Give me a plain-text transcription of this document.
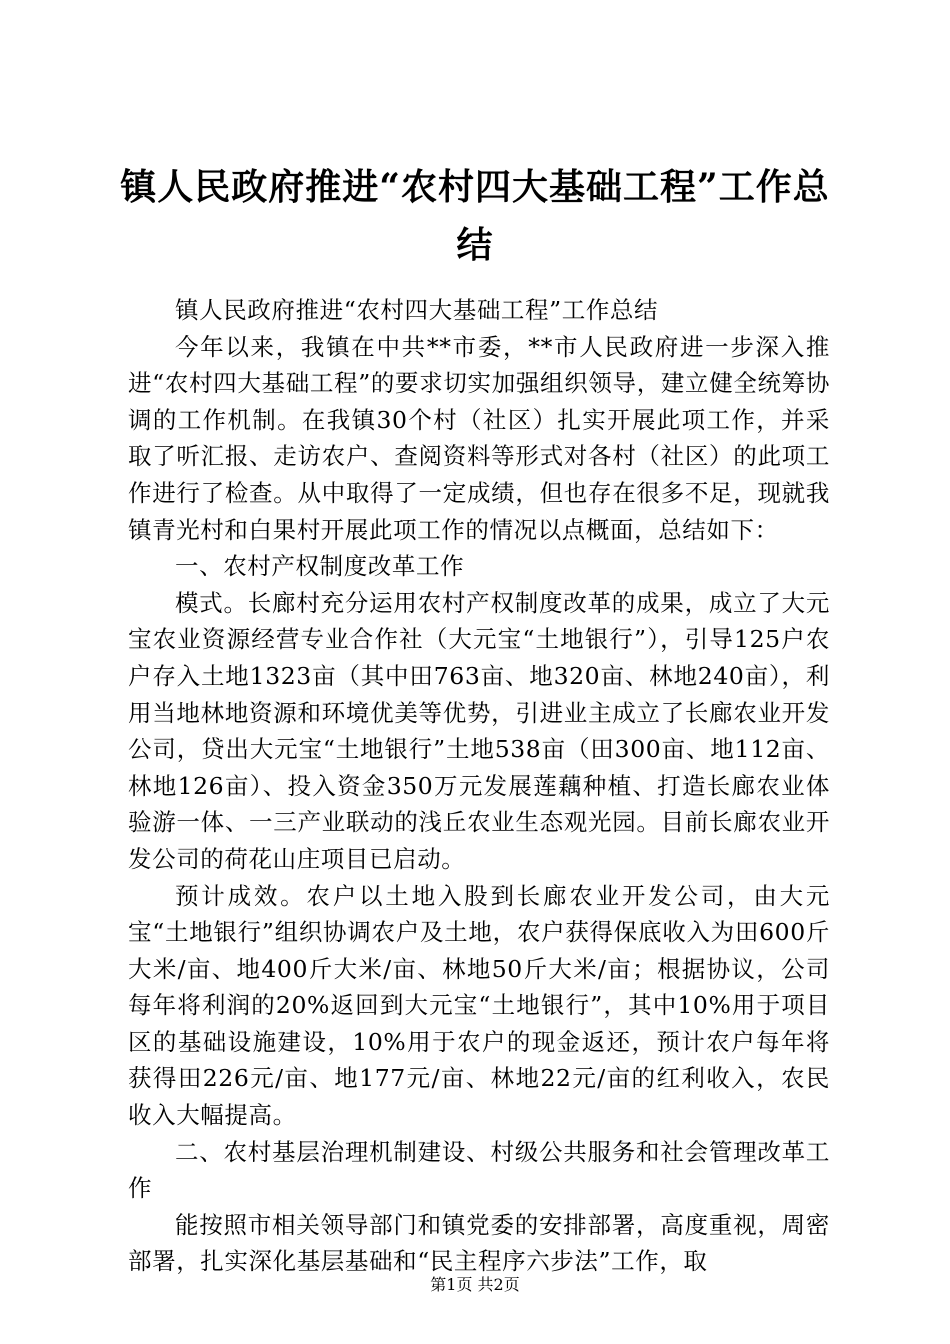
镇人民政府推进“农村四大基础工程”工作总结

镇人民政府推进“农村四大基础工程”工作总结

今年以来，我镇在中共**市委，**市人民政府进一步深入推进“农村四大基础工程”的要求切实加强组织领导，建立健全统筹协调的工作机制。在我镇30个村（社区）扎实开展此项工作，并采取了听汇报、走访农户、查阅资料等形式对各村（社区）的此项工作进行了检查。从中取得了一定成绩，但也存在很多不足，现就我镇青光村和白果村开展此项工作的情况以点概面，总结如下：

一、农村产权制度改革工作

模式。长廊村充分运用农村产权制度改革的成果，成立了大元宝农业资源经营专业合作社（大元宝“土地银行”），引导125户农户存入土地1323亩（其中田763亩、地320亩、林地240亩），利用当地林地资源和环境优美等优势，引进业主成立了长廊农业开发公司，贷出大元宝“土地银行”土地538亩（田300亩、地112亩、林地126亩）、投入资金350万元发展莲藕种植、打造长廊农业体验游一体、一三产业联动的浅丘农业生态观光园。目前长廊农业开发公司的荷花山庄项目已启动。

预计成效。农户以土地入股到长廊农业开发公司，由大元宝“土地银行”组织协调农户及土地，农户获得保底收入为田600斤大米/亩、地400斤大米/亩、林地50斤大米/亩；根据协议，公司每年将利润的20%返回到大元宝“土地银行”，其中10%用于项目区的基础设施建设，10%用于农户的现金返还，预计农户每年将获得田226元/亩、地177元/亩、林地22元/亩的红利收入，农民收入大幅提高。

二、农村基层治理机制建设、村级公共服务和社会管理改革工作

能按照市相关领导部门和镇党委的安排部署，高度重视，周密部署，扎实深化基层基础和“民主程序六步法”工作，取

第1页 共2页
